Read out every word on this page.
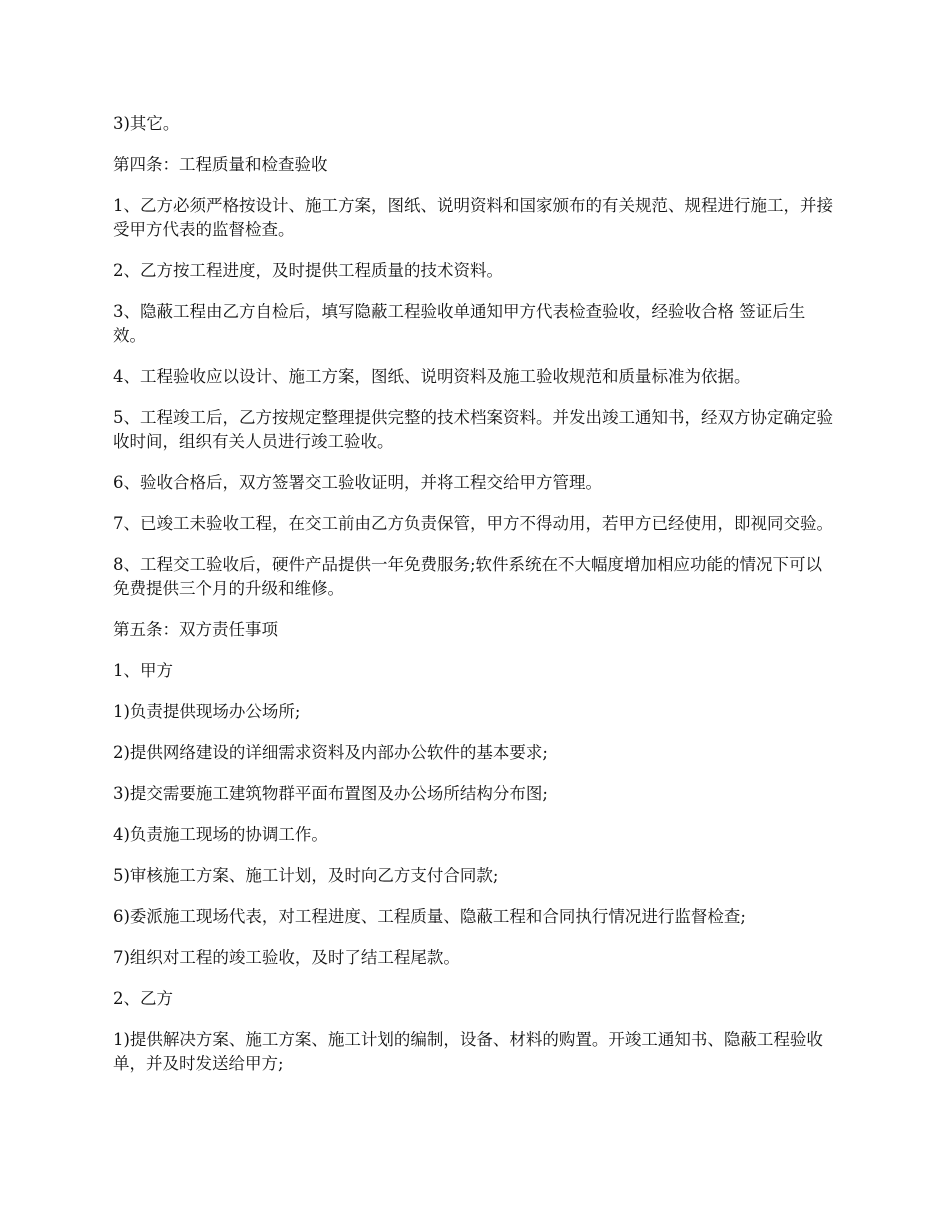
3)其它。

第四条：工程质量和检查验收

1、乙方必须严格按设计、施工方案，图纸、说明资料和国家颁布的有关规范、规程进行施工，并接受甲方代表的监督检查。

2、乙方按工程进度，及时提供工程质量的技术资料。

3、隐蔽工程由乙方自检后，填写隐蔽工程验收单通知甲方代表检查验收，经验收合格 签证后生效。

4、工程验收应以设计、施工方案，图纸、说明资料及施工验收规范和质量标准为依据。

5、工程竣工后，乙方按规定整理提供完整的技术档案资料。并发出竣工通知书，经双方协定确定验收时间，组织有关人员进行竣工验收。

6、验收合格后，双方签署交工验收证明，并将工程交给甲方管理。

7、已竣工未验收工程，在交工前由乙方负责保管，甲方不得动用，若甲方已经使用，即视同交验。

8、工程交工验收后，硬件产品提供一年免费服务;软件系统在不大幅度增加相应功能的情况下可以免费提供三个月的升级和维修。

第五条：双方责任事项

1、甲方

1)负责提供现场办公场所;

2)提供网络建设的详细需求资料及内部办公软件的基本要求;

3)提交需要施工建筑物群平面布置图及办公场所结构分布图;

4)负责施工现场的协调工作。

5)审核施工方案、施工计划，及时向乙方支付合同款;

6)委派施工现场代表，对工程进度、工程质量、隐蔽工程和合同执行情况进行监督检查;

7)组织对工程的竣工验收，及时了结工程尾款。

2、乙方

1)提供解决方案、施工方案、施工计划的编制，设备、材料的购置。开竣工通知书、隐蔽工程验收单，并及时发送给甲方;
